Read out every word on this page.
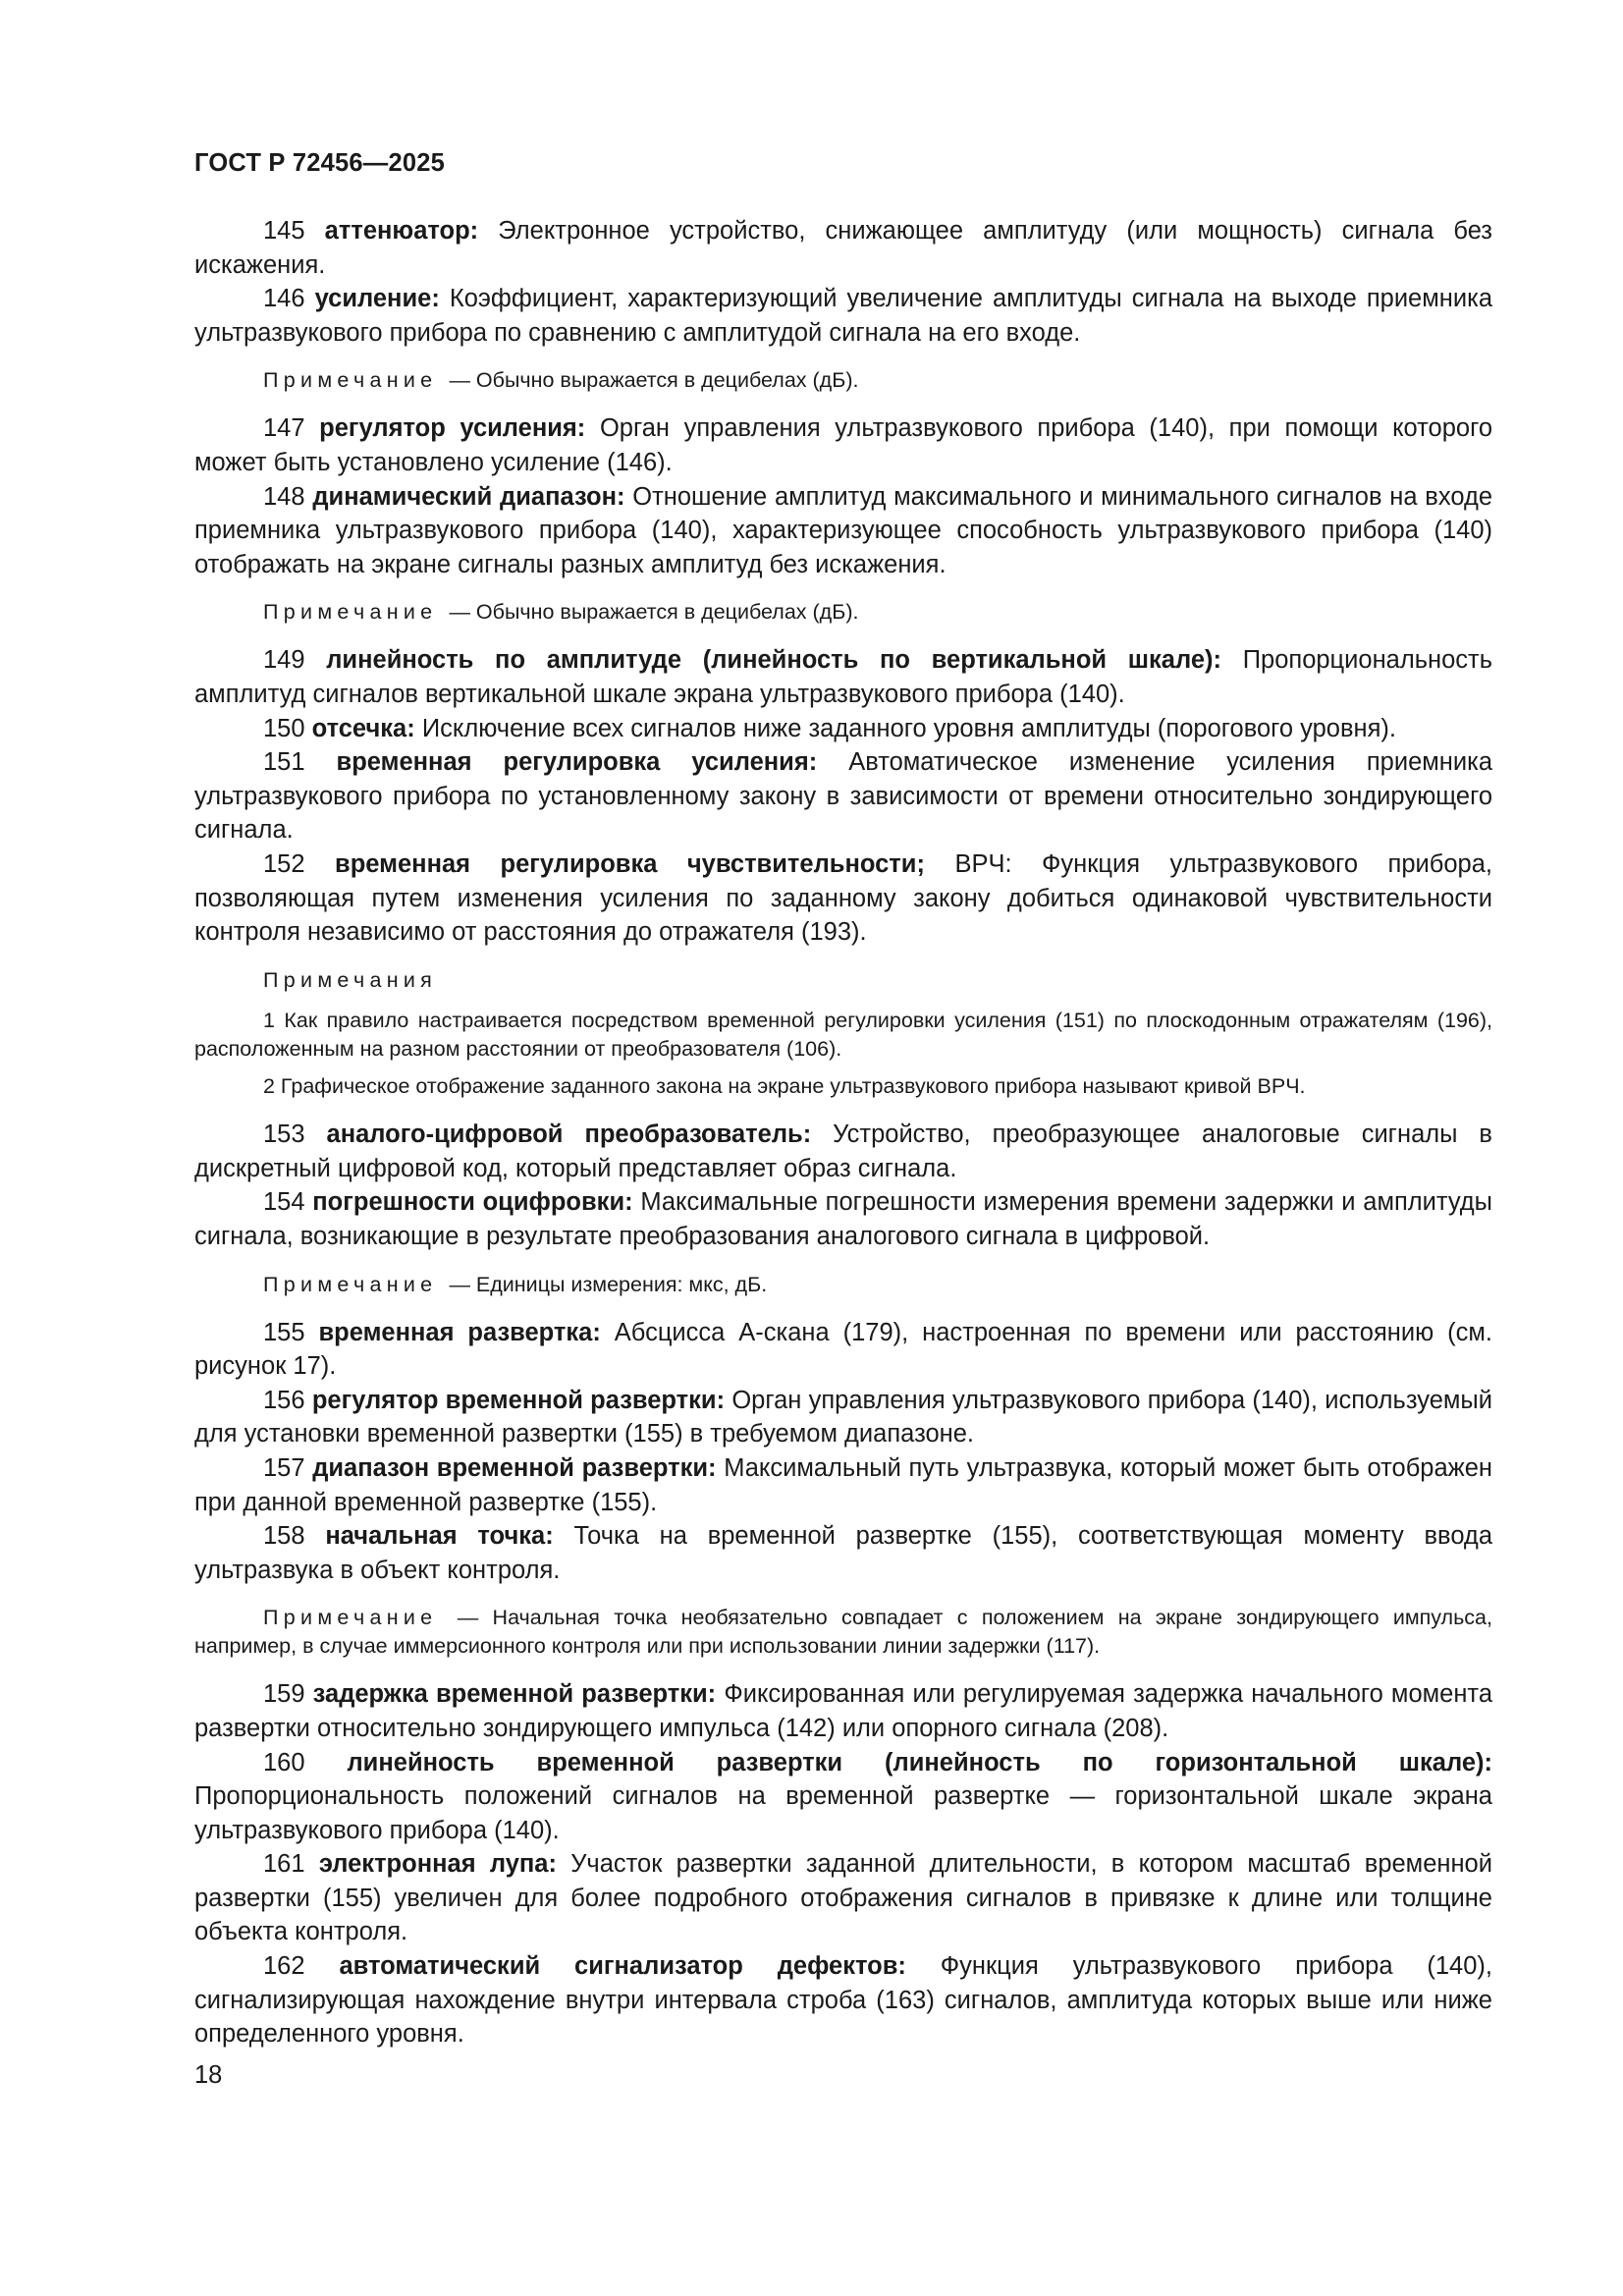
ГОСТ Р 72456—2025

145 аттенюатор: Электронное устройство, снижающее амплитуду (или мощность) сигнала без искажения.

146 усиление: Коэффициент, характеризующий увеличение амплитуды сигнала на выходе приемника ультразвукового прибора по сравнению с амплитудой сигнала на его входе.

Примечание — Обычно выражается в децибелах (дБ).

147 регулятор усиления: Орган управления ультразвукового прибора (140), при помощи которого может быть установлено усиление (146).

148 динамический диапазон: Отношение амплитуд максимального и минимального сигналов на входе приемника ультразвукового прибора (140), характеризующее способность ультразвукового прибора (140) отображать на экране сигналы разных амплитуд без искажения.

Примечание — Обычно выражается в децибелах (дБ).

149 линейность по амплитуде (линейность по вертикальной шкале): Пропорциональность амплитуд сигналов вертикальной шкале экрана ультразвукового прибора (140).

150 отсечка: Исключение всех сигналов ниже заданного уровня амплитуды (порогового уровня).

151 временная регулировка усиления: Автоматическое изменение усиления приемника ультразвукового прибора по установленному закону в зависимости от времени относительно зондирующего сигнала.

152 временная регулировка чувствительности; ВРЧ: Функция ультразвукового прибора, позволяющая путем изменения усиления по заданному закону добиться одинаковой чувствительности контроля независимо от расстояния до отражателя (193).

Примечания

1 Как правило настраивается посредством временной регулировки усиления (151) по плоскодонным отражателям (196), расположенным на разном расстоянии от преобразователя (106).

2 Графическое отображение заданного закона на экране ультразвукового прибора называют кривой ВРЧ.

153 аналого-цифровой преобразователь: Устройство, преобразующее аналоговые сигналы в дискретный цифровой код, который представляет образ сигнала.

154 погрешности оцифровки: Максимальные погрешности измерения времени задержки и амплитуды сигнала, возникающие в результате преобразования аналогового сигнала в цифровой.

Примечание — Единицы измерения: мкс, дБ.

155 временная развертка: Абсцисса А-скана (179), настроенная по времени или расстоянию (см. рисунок 17).

156 регулятор временной развертки: Орган управления ультразвукового прибора (140), используемый для установки временной развертки (155) в требуемом диапазоне.

157 диапазон временной развертки: Максимальный путь ультразвука, который может быть отображен при данной временной развертке (155).

158 начальная точка: Точка на временной развертке (155), соответствующая моменту ввода ультразвука в объект контроля.

Примечание — Начальная точка необязательно совпадает с положением на экране зондирующего импульса, например, в случае иммерсионного контроля или при использовании линии задержки (117).

159 задержка временной развертки: Фиксированная или регулируемая задержка начального момента развертки относительно зондирующего импульса (142) или опорного сигнала (208).

160 линейность временной развертки (линейность по горизонтальной шкале): Пропорциональность положений сигналов на временной развертке — горизонтальной шкале экрана ультразвукового прибора (140).

161 электронная лупа: Участок развертки заданной длительности, в котором масштаб временной развертки (155) увеличен для более подробного отображения сигналов в привязке к длине или толщине объекта контроля.

162 автоматический сигнализатор дефектов: Функция ультразвукового прибора (140), сигнализирующая нахождение внутри интервала строба (163) сигналов, амплитуда которых выше или ниже определенного уровня.

18
